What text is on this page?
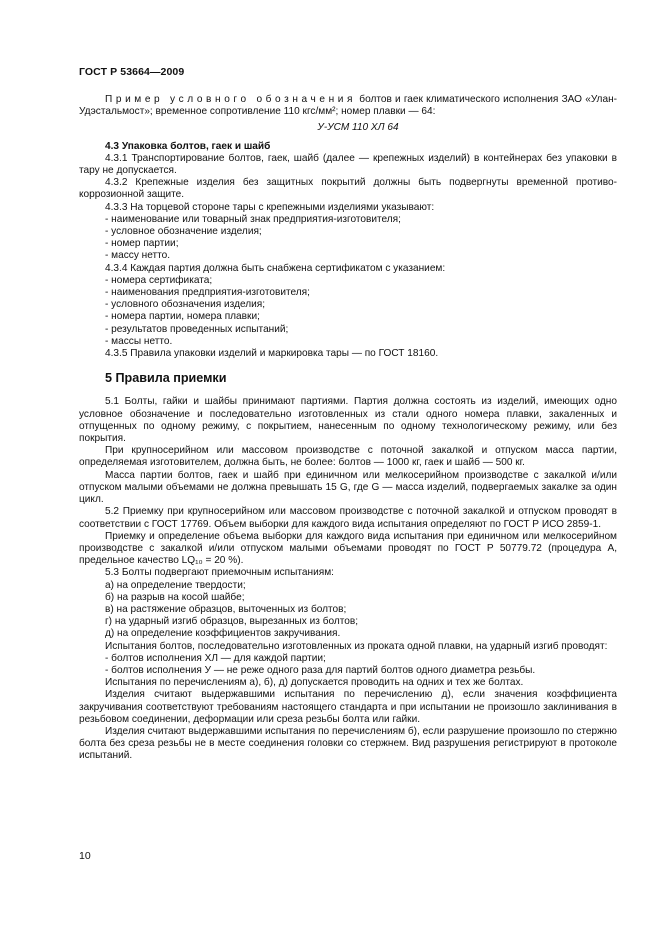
ГОСТ Р 53664—2009

Пример условного обозначения болтов и гаек климатического исполнения ЗАО «Улан-Удэстальмост»; временное сопротивление 110 кгс/мм²; номер плавки — 64:

У-УСМ 110 ХЛ 64

4.3 Упаковка болтов, гаек и шайб

4.3.1 Транспортирование болтов, гаек, шайб (далее — крепежных изделий) в контейнерах без упаковки в тару не допускается.

4.3.2 Крепежные изделия без защитных покрытий должны быть подвергнуты временной противокоррозионной защите.

4.3.3 На торцевой стороне тары с крепежными изделиями указывают:

- наименование или товарный знак предприятия-изготовителя;

- условное обозначение изделия;

- номер партии;

- массу нетто.

4.3.4 Каждая партия должна быть снабжена сертификатом с указанием:

- номера сертификата;

- наименования предприятия-изготовителя;

- условного обозначения изделия;

- номера партии, номера плавки;

- результатов проведенных испытаний;

- массы нетто.

4.3.5 Правила упаковки изделий и маркировка тары — по ГОСТ 18160.

5 Правила приемки

5.1 Болты, гайки и шайбы принимают партиями. Партия должна состоять из изделий, имеющих одно условное обозначение и последовательно изготовленных из стали одного номера плавки, закаленных и отпущенных по одному режиму, с покрытием, нанесенным по одному технологическому режиму, или без покрытия.

При крупносерийном или массовом производстве с поточной закалкой и отпуском масса партии, определяемая изготовителем, должна быть, не более: болтов — 1000 кг, гаек и шайб — 500 кг.

Масса партии болтов, гаек и шайб при единичном или мелкосерийном производстве с закалкой и/или отпуском малыми объемами не должна превышать 15 G, где G — масса изделий, подвергаемых закалке за один цикл.

5.2 Приемку при крупносерийном или массовом производстве с поточной закалкой и отпуском проводят в соответствии с ГОСТ 17769. Объем выборки для каждого вида испытания определяют по ГОСТ Р ИСО 2859-1.

Приемку и определение объема выборки для каждого вида испытания при единичном или мелкосерийном производстве с закалкой и/или отпуском малыми объемами проводят по ГОСТ Р 50779.72 (процедура А, предельное качество LQ₁₀ = 20 %).

5.3 Болты подвергают приемочным испытаниям:

а) на определение твердости;

б) на разрыв на косой шайбе;

в) на растяжение образцов, выточенных из болтов;

г) на ударный изгиб образцов, вырезанных из болтов;

д) на определение коэффициентов закручивания.

Испытания болтов, последовательно изготовленных из проката одной плавки, на ударный изгиб проводят:

- болтов исполнения ХЛ — для каждой партии;

- болтов исполнения У — не реже одного раза для партий болтов одного диаметра резьбы.

Испытания по перечислениям а), б), д) допускается проводить на одних и тех же болтах.

Изделия считают выдержавшими испытания по перечислению д), если значения коэффициента закручивания соответствуют требованиям настоящего стандарта и при испытании не произошло заклинивания в резьбовом соединении, деформации или среза резьбы болта или гайки.

Изделия считают выдержавшими испытания по перечислениям б), если разрушение произошло по стержню болта без среза резьбы не в месте соединения головки со стержнем. Вид разрушения регистрируют в протоколе испытаний.

10
